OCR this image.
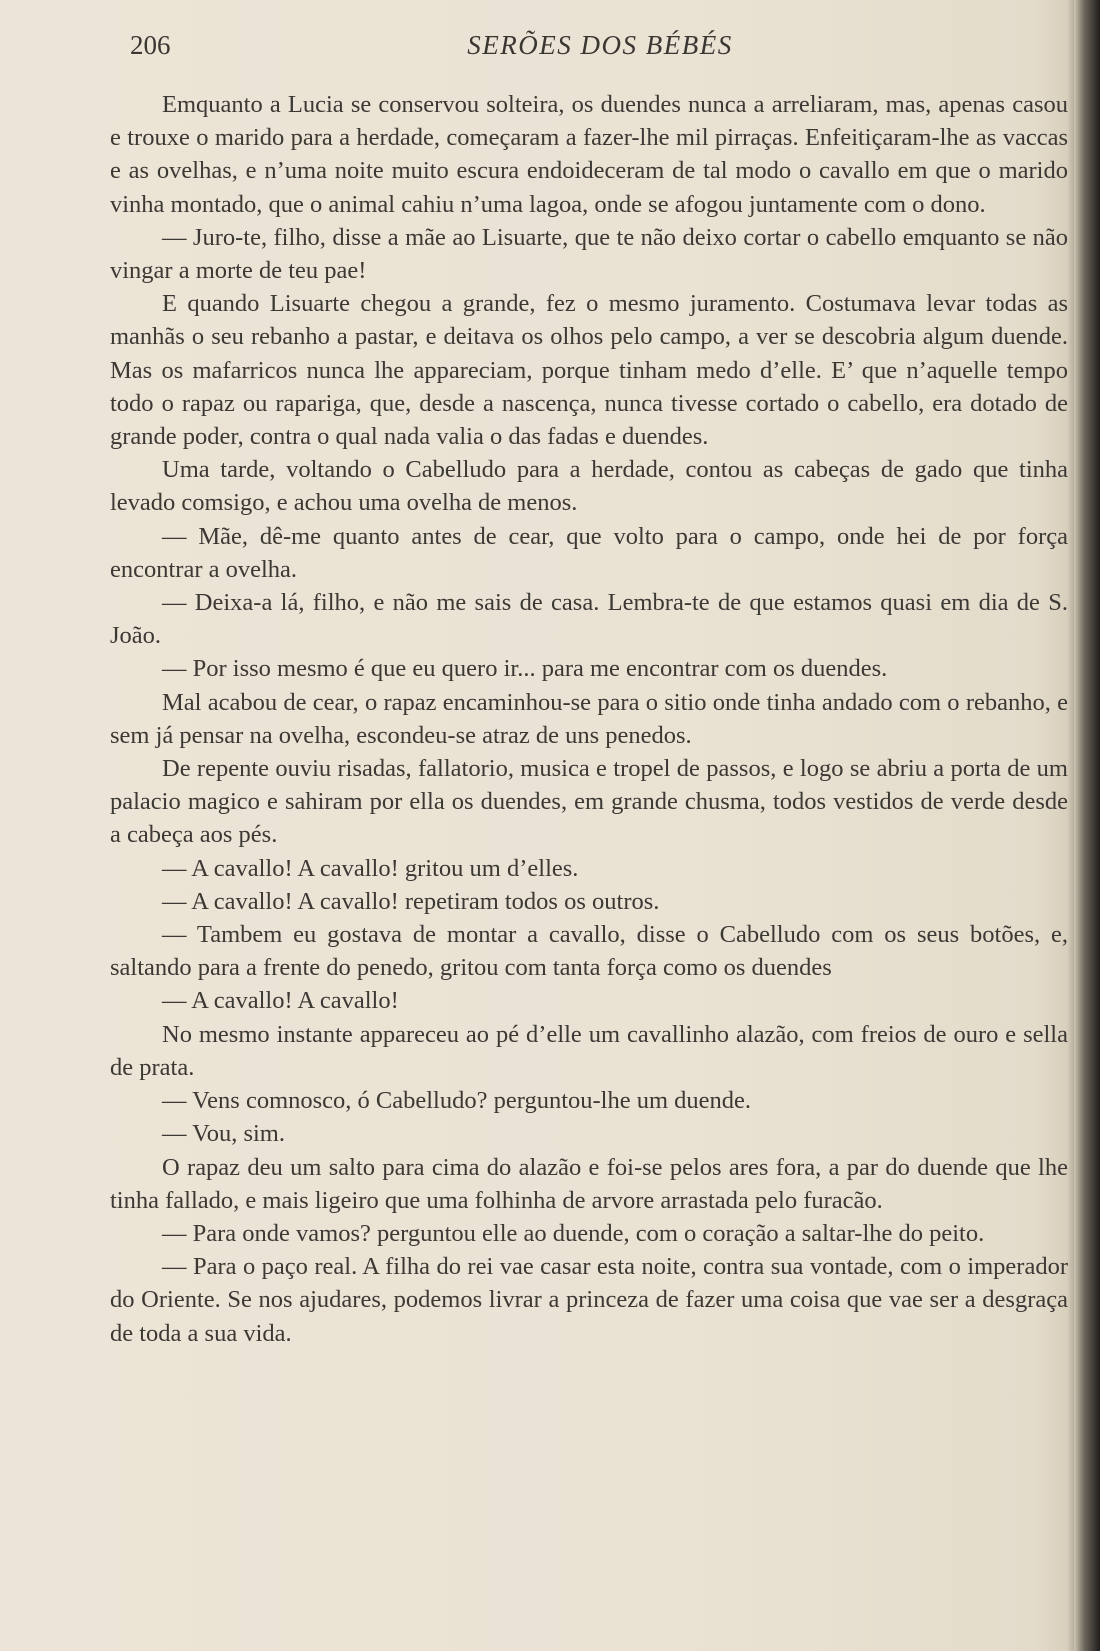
206	SERÕES DOS BÉBÉS

Emquanto a Lucia se conservou solteira, os duendes nunca a arreliaram, mas, apenas casou e trouxe o marido para a herdade, começaram a fazer-lhe mil pirraças. Enfeitiçaram-lhe as vaccas e as ovelhas, e n’uma noite muito escura endoideceram de tal modo o cavallo em que o marido vinha montado, que o animal cahiu n’uma lagoa, onde se afogou juntamente com o dono.

— Juro-te, filho, disse a mãe ao Lisuarte, que te não deixo cortar o cabello emquanto se não vingar a morte de teu pae!

E quando Lisuarte chegou a grande, fez o mesmo juramento. Costumava levar todas as manhãs o seu rebanho a pastar, e deitava os olhos pelo campo, a ver se descobria algum duende. Mas os mafarricos nunca lhe appareciam, porque tinham medo d’elle. E’ que n’aquelle tempo todo o rapaz ou rapariga, que, desde a nascença, nunca tivesse cortado o cabello, era dotado de grande poder, contra o qual nada valia o das fadas e duendes.

Uma tarde, voltando o Cabelludo para a herdade, contou as cabeças de gado que tinha levado comsigo, e achou uma ovelha de menos.

— Mãe, dê-me quanto antes de cear, que volto para o campo, onde hei de por força encontrar a ovelha.

— Deixa-a lá, filho, e não me sais de casa. Lembra-te de que estamos quasi em dia de S. João.

— Por isso mesmo é que eu quero ir... para me encontrar com os duendes.

Mal acabou de cear, o rapaz encaminhou-se para o sitio onde tinha andado com o rebanho, e sem já pensar na ovelha, escondeu-se atraz de uns penedos.

De repente ouviu risadas, fallatorio, musica e tropel de passos, e logo se abriu a porta de um palacio magico e sahiram por ella os duendes, em grande chusma, todos vestidos de verde desde a cabeça aos pés.

— A cavallo! A cavallo! gritou um d’elles.

— A cavallo! A cavallo! repetiram todos os outros.

— Tambem eu gostava de montar a cavallo, disse o Cabelludo com os seus botões, e, saltando para a frente do penedo, gritou com tanta força como os duendes

— A cavallo! A cavallo!

No mesmo instante appareceu ao pé d’elle um cavallinho alazão, com freios de ouro e sella de prata.

— Vens comnosco, ó Cabelludo? perguntou-lhe um duende.

— Vou, sim.

O rapaz deu um salto para cima do alazão e foi-se pelos ares fora, a par do duende que lhe tinha fallado, e mais ligeiro que uma folhinha de arvore arrastada pelo furacão.

— Para onde vamos? perguntou elle ao duende, com o coração a saltar-lhe do peito.

— Para o paço real. A filha do rei vae casar esta noite, contra sua vontade, com o imperador do Oriente. Se nos ajudares, podemos livrar a princeza de fazer uma coisa que vae ser a desgraça de toda a sua vida.
